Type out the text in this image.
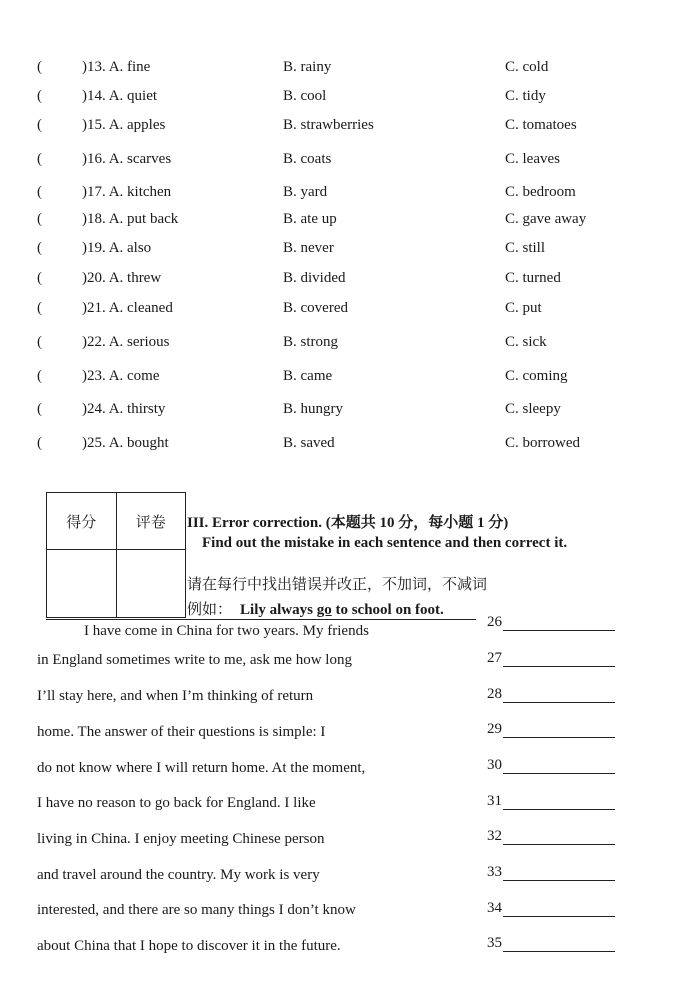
(	)13. A. fine	B. rainy	C. cold
(	)14. A. quiet	B. cool	C. tidy
(	)15. A. apples	B. strawberries	C. tomatoes
(	)16. A. scarves	B. coats	C. leaves
(	)17. A. kitchen	B. yard	C. bedroom
(	)18. A. put back	B. ate up	C. gave away
(	)19. A. also	B. never	C. still
(	)20. A. threw	B. divided	C. turned
(	)21. A. cleaned	B. covered	C. put
(	)22. A. serious	B. strong	C. sick
(	)23. A. come	B. came	C. coming
(	)24. A. thirsty	B. hungry	C. sleepy
(	)25. A. bought	B. saved	C. borrowed
得分	评卷
	III. Error correction. (本题共 10 分，每小题 1 分)
Find out the mistake in each sentence and then correct it.
请在每行中找出错误并改正，不加词，不减词
例如： Lily always go to school on foot.
I have come in China for two years. My friends
in England sometimes write to me, ask me how long
I’ll stay here, and when I’m thinking of return
home. The answer of their questions is simple: I
do not know where I will return home. At the moment,
I have no reason to go back for England. I like
living in China. I enjoy meeting Chinese person
and travel around the country. My work is very
interested, and there are so many things I don’t know
about China that I hope to discover it in the future.
26
27
28
29
30
31
32
33
34
35
